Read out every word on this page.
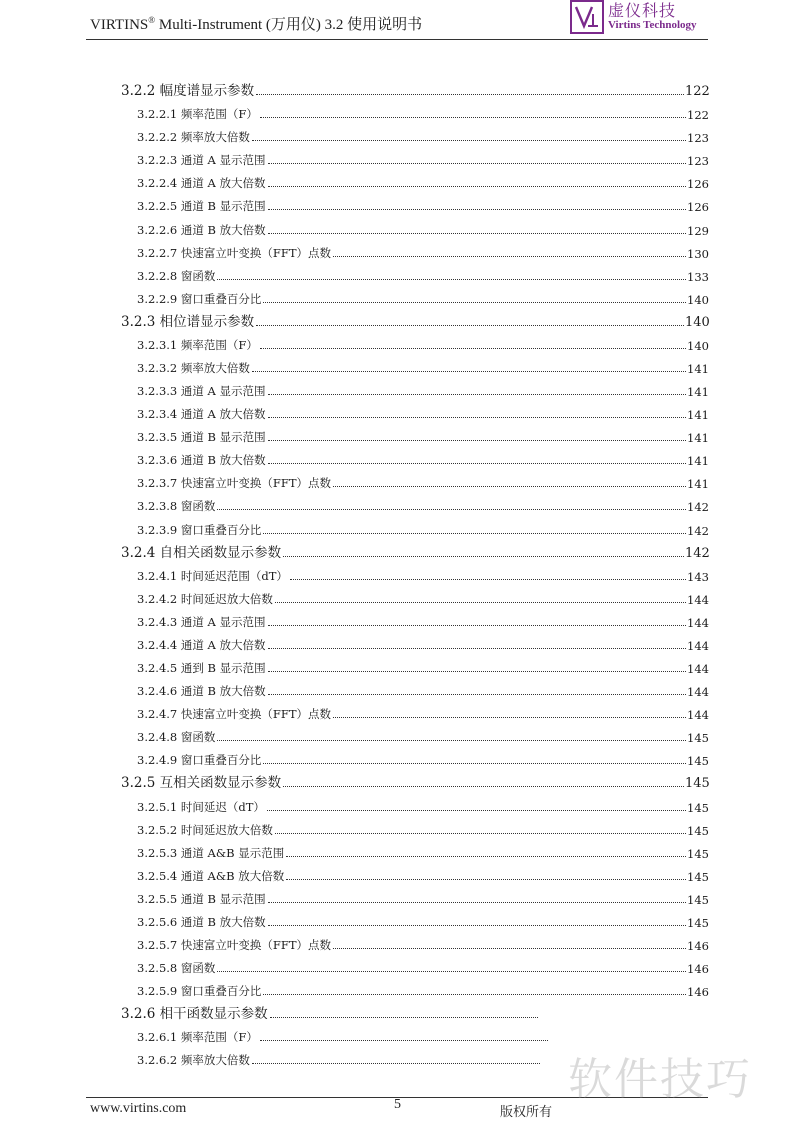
VIRTINS® Multi-Instrument (万用仪) 3.2 使用说明书
虚仪科技
Virtins Technology
3.2.2 幅度谱显示参数	122
3.2.2.1 频率范围（F）	122
3.2.2.2 频率放大倍数	123
3.2.2.3 通道 A 显示范围	123
3.2.2.4 通道 A 放大倍数	126
3.2.2.5 通道 B 显示范围	126
3.2.2.6 通道 B 放大倍数	129
3.2.2.7 快速富立叶变换（FFT）点数	130
3.2.2.8 窗函数	133
3.2.2.9 窗口重叠百分比	140
3.2.3 相位谱显示参数	140
3.2.3.1 频率范围（F）	140
3.2.3.2 频率放大倍数	141
3.2.3.3 通道 A 显示范围	141
3.2.3.4 通道 A 放大倍数	141
3.2.3.5 通道 B 显示范围	141
3.2.3.6 通道 B 放大倍数	141
3.2.3.7 快速富立叶变换（FFT）点数	141
3.2.3.8 窗函数	142
3.2.3.9 窗口重叠百分比	142
3.2.4 自相关函数显示参数	142
3.2.4.1 时间延迟范围（dT）	143
3.2.4.2 时间延迟放大倍数	144
3.2.4.3 通道 A 显示范围	144
3.2.4.4 通道 A 放大倍数	144
3.2.4.5 通到 B 显示范围	144
3.2.4.6 通道 B 放大倍数	144
3.2.4.7 快速富立叶变换（FFT）点数	144
3.2.4.8 窗函数	145
3.2.4.9 窗口重叠百分比	145
3.2.5 互相关函数显示参数	145
3.2.5.1 时间延迟（dT）	145
3.2.5.2 时间延迟放大倍数	145
3.2.5.3 通道 A&B 显示范围	145
3.2.5.4 通道 A&B 放大倍数	145
3.2.5.5 通道 B 显示范围	145
3.2.5.6 通道 B 放大倍数	145
3.2.5.7 快速富立叶变换（FFT）点数	146
3.2.5.8 窗函数	146
3.2.5.9 窗口重叠百分比	146
3.2.6 相干函数显示参数
3.2.6.1 频率范围（F）
3.2.6.2 频率放大倍数
www.virtins.com	5
版权所有
软件技巧
